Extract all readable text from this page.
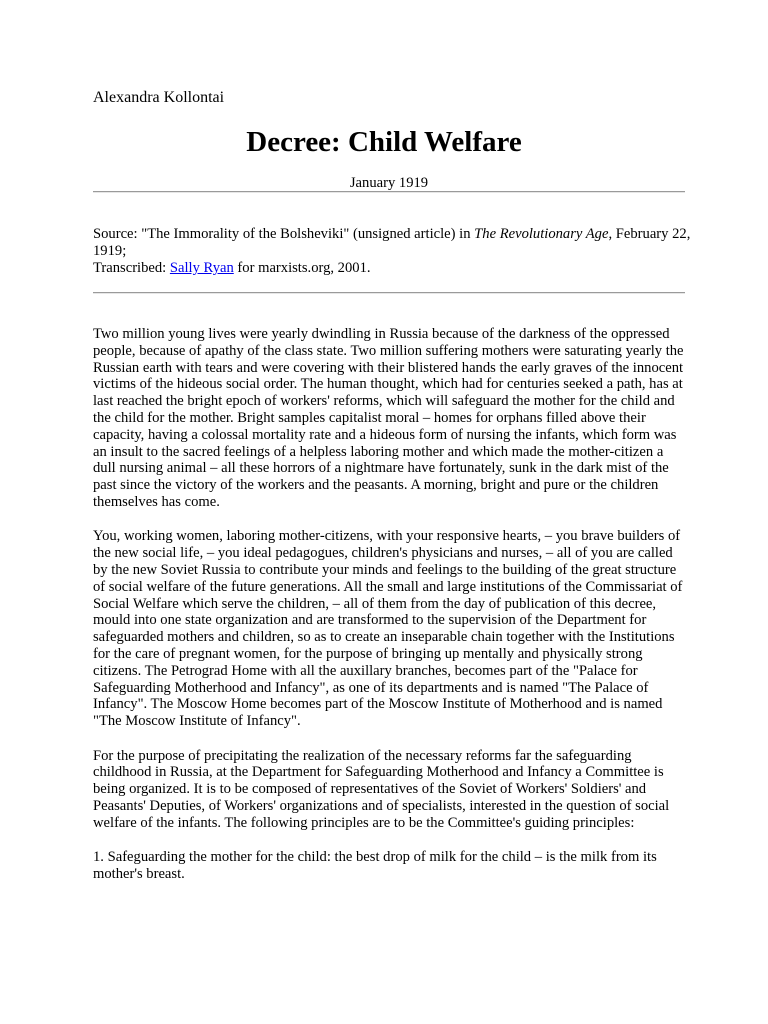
Alexandra Kollontai

Decree: Child Welfare

January 1919

Source: "The Immorality of the Bolsheviki" (unsigned article) in The Revolutionary Age, February 22, 1919;
Transcribed: Sally Ryan for marxists.org, 2001.

Two million young lives were yearly dwindling in Russia because of the darkness of the oppressed people, because of apathy of the class state. Two million suffering mothers were saturating yearly the Russian earth with tears and were covering with their blistered hands the early graves of the innocent victims of the hideous social order. The human thought, which had for centuries seeked a path, has at last reached the bright epoch of workers' reforms, which will safeguard the mother for the child and the child for the mother. Bright samples capitalist moral – homes for orphans filled above their capacity, having a colossal mortality rate and a hideous form of nursing the infants, which form was an insult to the sacred feelings of a helpless laboring mother and which made the mother-citizen a dull nursing animal – all these horrors of a nightmare have fortunately, sunk in the dark mist of the past since the victory of the workers and the peasants. A morning, bright and pure or the children themselves has come.

You, working women, laboring mother-citizens, with your responsive hearts, – you brave builders of the new social life, – you ideal pedagogues, children's physicians and nurses, – all of you are called by the new Soviet Russia to contribute your minds and feelings to the building of the great structure of social welfare of the future generations. All the small and large institutions of the Commissariat of Social Welfare which serve the children, – all of them from the day of publication of this decree, mould into one state organization and are transformed to the supervision of the Department for safeguarded mothers and children, so as to create an inseparable chain together with the Institutions for the care of pregnant women, for the purpose of bringing up mentally and physically strong citizens. The Petrograd Home with all the auxillary branches, becomes part of the "Palace for Safeguarding Motherhood and Infancy", as one of its departments and is named "The Palace of Infancy". The Moscow Home becomes part of the Moscow Institute of Motherhood and is named "The Moscow Institute of Infancy".

For the purpose of precipitating the realization of the necessary reforms far the safeguarding childhood in Russia, at the Department for Safeguarding Motherhood and Infancy a Committee is being organized. It is to be composed of representatives of the Soviet of Workers' Soldiers' and Peasants' Deputies, of Workers' organizations and of specialists, interested in the question of social welfare of the infants. The following principles are to be the Committee's guiding principles:

1. Safeguarding the mother for the child: the best drop of milk for the child – is the milk from its mother's breast.
